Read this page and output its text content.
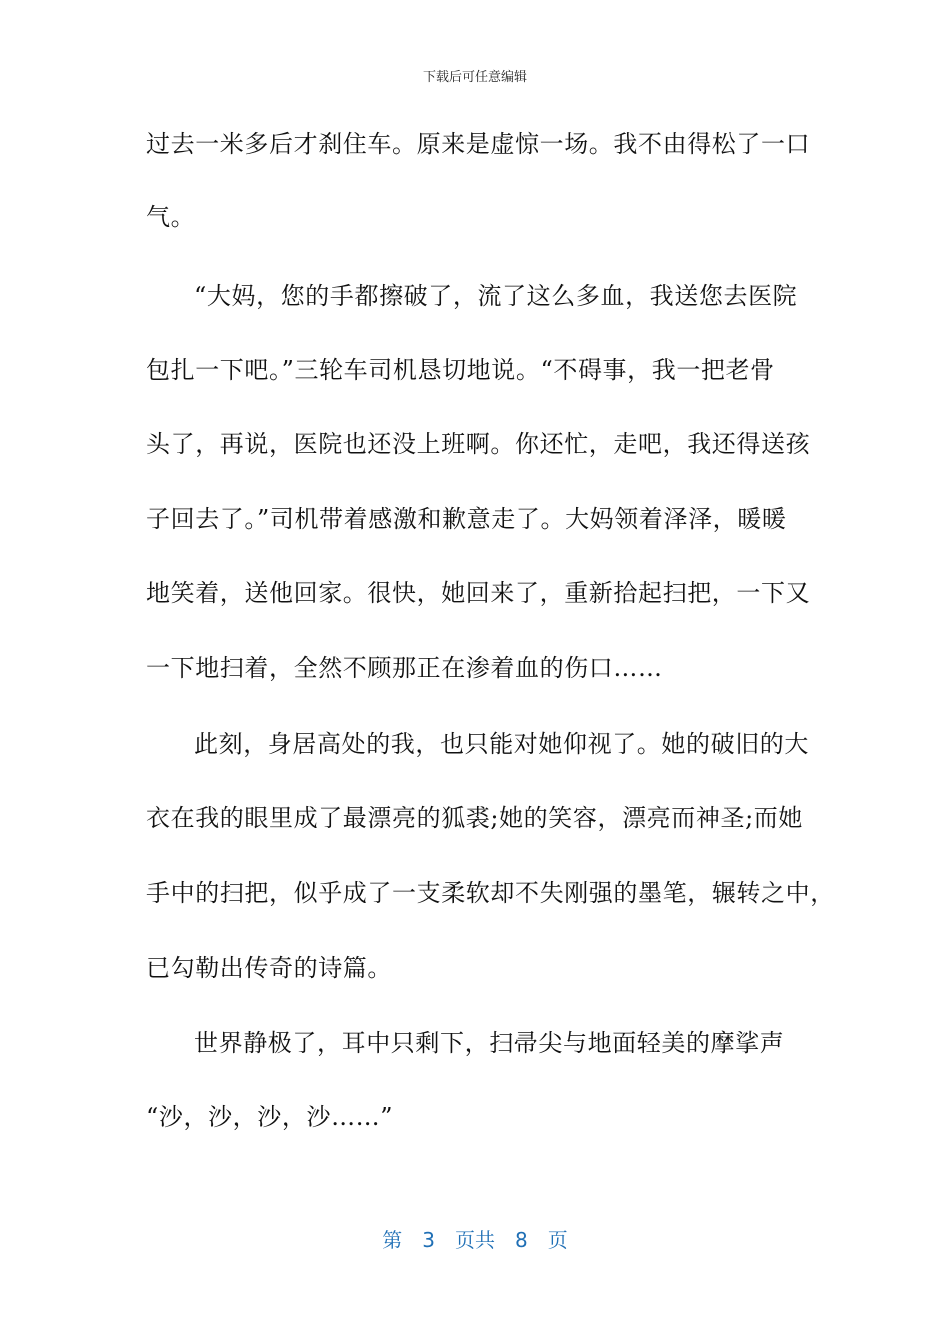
下载后可任意编辑
过去一米多后才刹住车。原来是虚惊一场。我不由得松了一口
气。
“大妈，您的手都擦破了，流了这么多血，我送您去医院
包扎一下吧。”三轮车司机恳切地说。“不碍事，我一把老骨
头了，再说，医院也还没上班啊。你还忙，走吧，我还得送孩
子回去了。”司机带着感激和歉意走了。大妈领着泽泽，暖暖
地笑着，送他回家。很快，她回来了，重新拾起扫把，一下又
一下地扫着，全然不顾那正在渗着血的伤口……
此刻，身居高处的我，也只能对她仰视了。她的破旧的大
衣在我的眼里成了最漂亮的狐裘;她的笑容，漂亮而神圣;而她
手中的扫把，似乎成了一支柔软却不失刚强的墨笔，辗转之中，
已勾勒出传奇的诗篇。
世界静极了，耳中只剩下，扫帚尖与地面轻美的摩挲声
“沙，沙，沙，沙……”
第 3 页共 8 页
